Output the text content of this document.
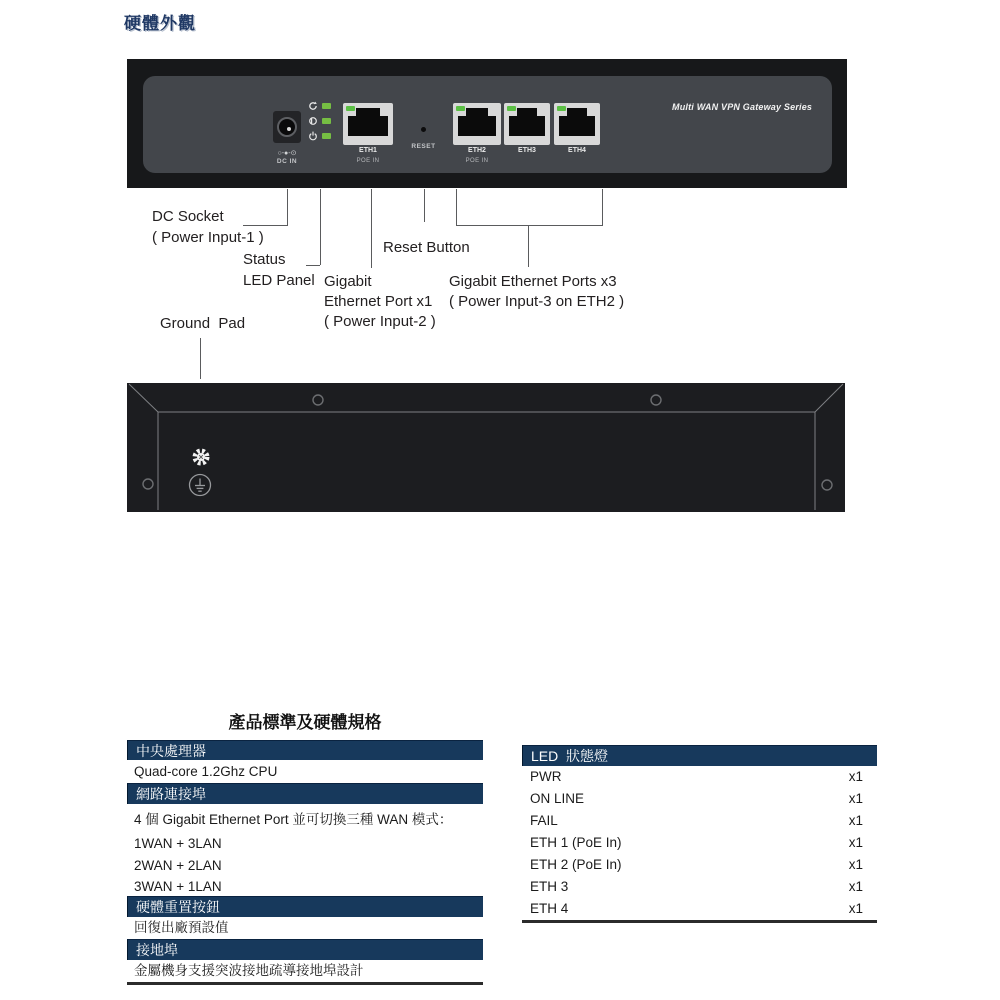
硬體外觀
○-●-⊙
DC IN
ETH1
POE IN
RESET
ETH2
POE IN
ETH3	ETH4
Multi WAN VPN Gateway Series
DC Socket
( Power Input-1 )
Status
LED Panel Gigabit
Ethernet Port x1
( Power Input-2 )
Reset Button
Gigabit Ethernet Ports x3
( Power Input-3 on ETH2 )
Ground  Pad
產品標準及硬體規格
中央處理器
Quad-core 1.2Ghz CPU
網路連接埠
4 個 Gigabit Ethernet Port 並可切換三種 WAN 模式：
1WAN + 3LAN
2WAN + 2LAN
3WAN + 1LAN
硬體重置按鈕
回復出廠預設值
接地埠
金屬機身支援突波接地疏導接地埠設計
LED  狀態燈
PWR	x1
ON LINE	x1
FAIL	x1
ETH 1 (PoE In)	x1
ETH 2 (PoE In)	x1
ETH 3	x1
ETH 4	x1
